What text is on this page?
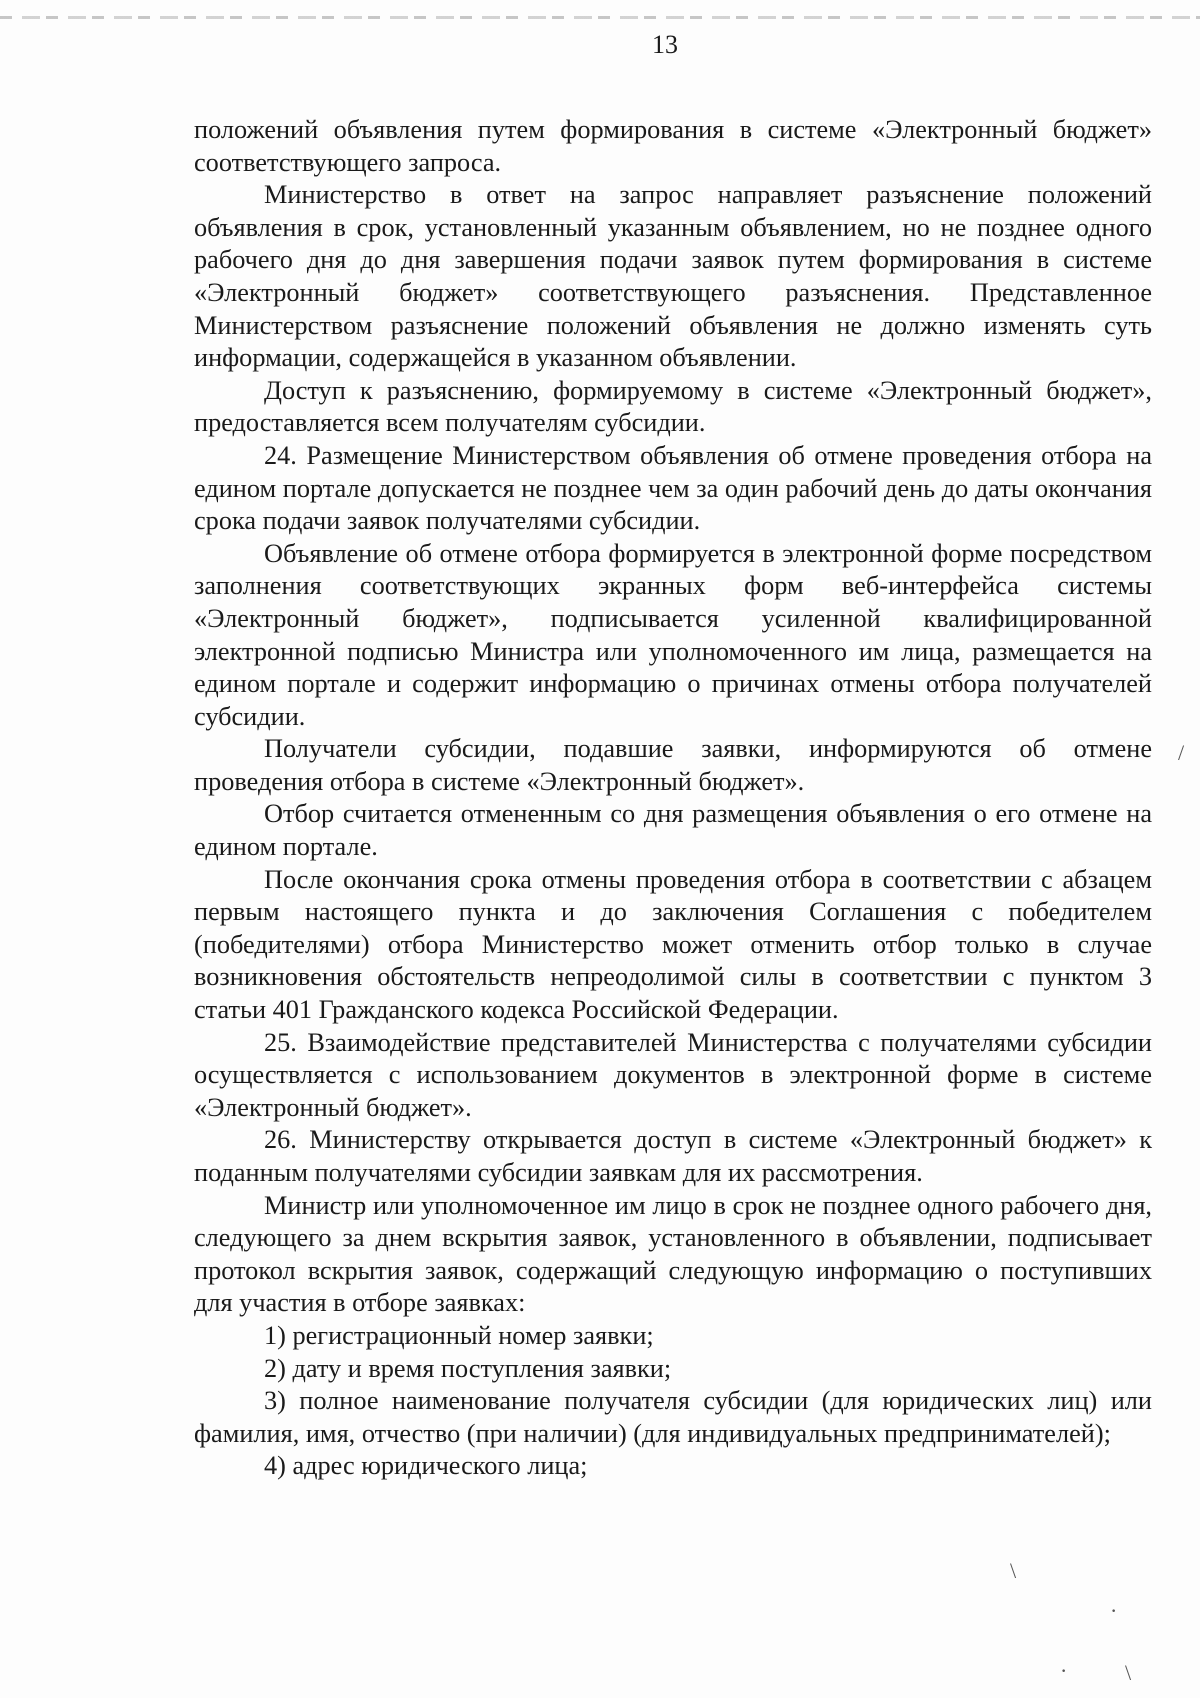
13

положений объявления путем формирования в системе «Электронный бюджет» соответствующего запроса.

Министерство в ответ на запрос направляет разъяснение положений объявления в срок, установленный указанным объявлением, но не позднее одного рабочего дня до дня завершения подачи заявок путем формирования в системе «Электронный бюджет» соответствующего разъяснения. Представленное Министерством разъяснение положений объявления не должно изменять суть информации, содержащейся в указанном объявлении.

Доступ к разъяснению, формируемому в системе «Электронный бюджет», предоставляется всем получателям субсидии.

24. Размещение Министерством объявления об отмене проведения отбора на едином портале допускается не позднее чем за один рабочий день до даты окончания срока подачи заявок получателями субсидии.

Объявление об отмене отбора формируется в электронной форме посредством заполнения соответствующих экранных форм веб-интерфейса системы «Электронный бюджет», подписывается усиленной квалифицированной электронной подписью Министра или уполномоченного им лица, размещается на едином портале и содержит информацию о причинах отмены отбора получателей субсидии.

Получатели субсидии, подавшие заявки, информируются об отмене проведения отбора в системе «Электронный бюджет».

Отбор считается отмененным со дня размещения объявления о его отмене на едином портале.

После окончания срока отмены проведения отбора в соответствии с абзацем первым настоящего пункта и до заключения Соглашения с победителем (победителями) отбора Министерство может отменить отбор только в случае возникновения обстоятельств непреодолимой силы в соответствии с пунктом 3 статьи 401 Гражданского кодекса Российской Федерации.

25. Взаимодействие представителей Министерства с получателями субсидии осуществляется с использованием документов в электронной форме в системе «Электронный бюджет».

26. Министерству открывается доступ в системе «Электронный бюджет» к поданным получателями субсидии заявкам для их рассмотрения.

Министр или уполномоченное им лицо в срок не позднее одного рабочего дня, следующего за днем вскрытия заявок, установленного в объявлении, подписывает протокол вскрытия заявок, содержащий следующую информацию о поступивших для участия в отборе заявках:

1) регистрационный номер заявки;

2) дату и время поступления заявки;

3) полное наименование получателя субсидии (для юридических лиц) или фамилия, имя, отчество (при наличии) (для индивидуальных предпринимателей);

4) адрес юридического лица;

/
\
·
·	\
